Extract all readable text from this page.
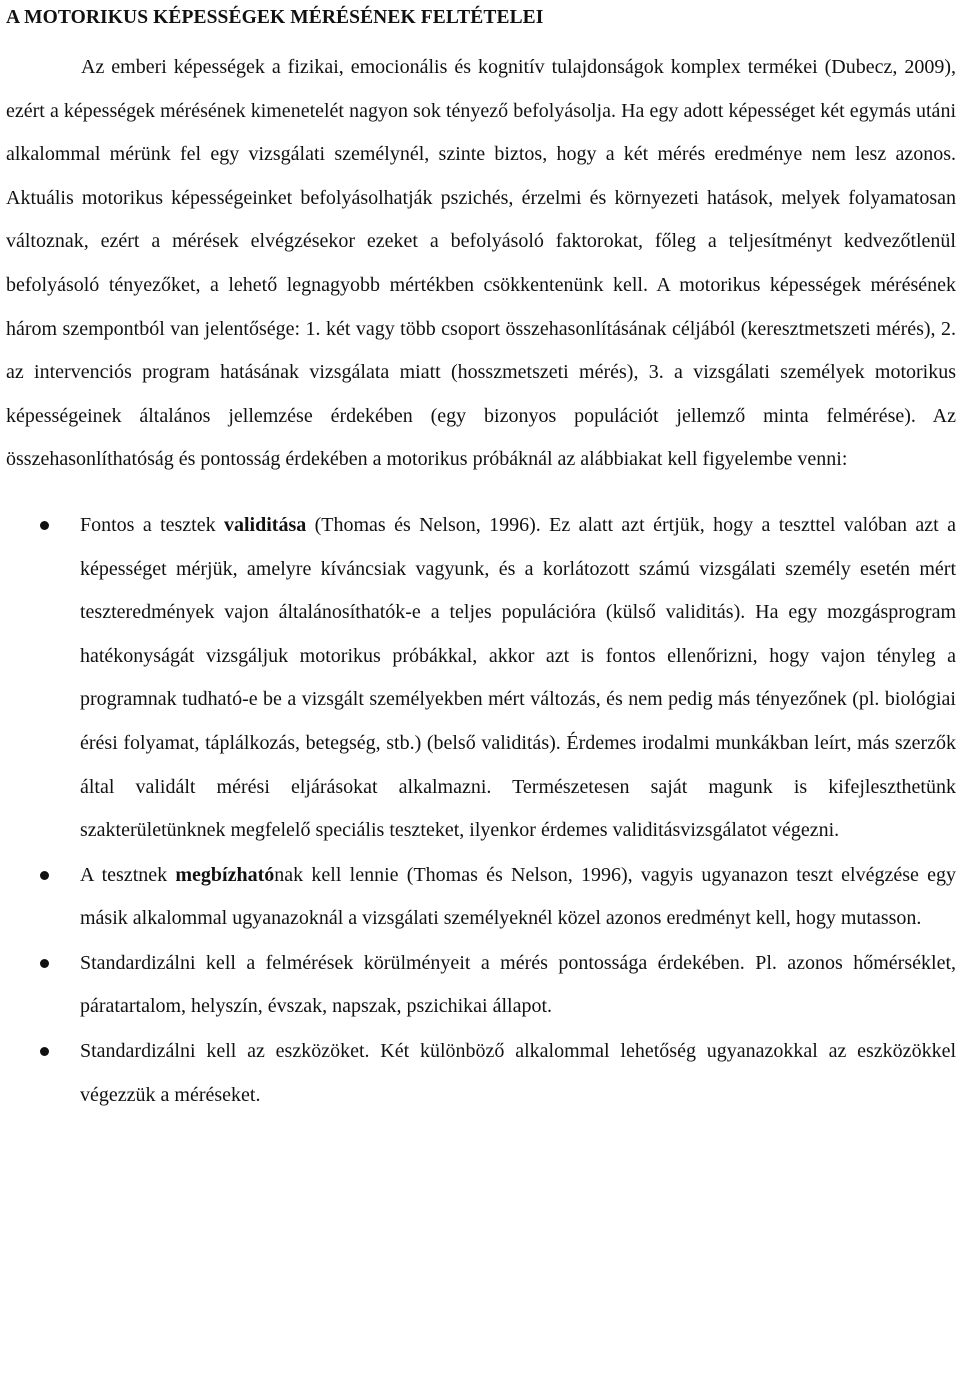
A MOTORIKUS KÉPESSÉGEK MÉRÉSÉNEK FELTÉTELEI

Az emberi képességek a fizikai, emocionális és kognitív tulajdonságok komplex termékei (Dubecz, 2009), ezért a képességek mérésének kimenetelét nagyon sok tényező befolyásolja. Ha egy adott képességet két egymás utáni alkalommal mérünk fel egy vizsgálati személynél, szinte biztos, hogy a két mérés eredménye nem lesz azonos. Aktuális motorikus képességeinket befolyásolhatják pszichés, érzelmi és környezeti hatások, melyek folyamatosan változnak, ezért a mérések elvégzésekor ezeket a befolyásoló faktorokat, főleg a teljesítményt kedvezőtlenül befolyásoló tényezőket, a lehető legnagyobb mértékben csökkentenünk kell. A motorikus képességek mérésének három szempontból van jelentősége: 1. két vagy több csoport összehasonlításának céljából (keresztmetszeti mérés), 2. az intervenciós program hatásának vizsgálata miatt (hosszmetszeti mérés), 3. a vizsgálati személyek motorikus képességeinek általános jellemzése érdekében (egy bizonyos populációt jellemző minta felmérése). Az összehasonlíthatóság és pontosság érdekében a motorikus próbáknál az alábbiakat kell figyelembe venni:

Fontos a tesztek validitása (Thomas és Nelson, 1996). Ez alatt azt értjük, hogy a teszttel valóban azt a képességet mérjük, amelyre kíváncsiak vagyunk, és a korlátozott számú vizsgálati személy esetén mért teszteredmények vajon általánosíthatók-e a teljes populációra (külső validitás). Ha egy mozgásprogram hatékonyságát vizsgáljuk motorikus próbákkal, akkor azt is fontos ellenőrizni, hogy vajon tényleg a programnak tudható-e be a vizsgált személyekben mért változás, és nem pedig más tényezőnek (pl. biológiai érési folyamat, táplálkozás, betegség, stb.) (belső validitás). Érdemes irodalmi munkákban leírt, más szerzők által validált mérési eljárásokat alkalmazni. Természetesen saját magunk is kifejleszthetünk szakterületünknek megfelelő speciális teszteket, ilyenkor érdemes validitásvizsgálatot végezni.
A tesztnek megbízhatónak kell lennie (Thomas és Nelson, 1996), vagyis ugyanazon teszt elvégzése egy másik alkalommal ugyanazoknál a vizsgálati személyeknél közel azonos eredményt kell, hogy mutasson.
Standardizálni kell a felmérések körülményeit a mérés pontossága érdekében. Pl. azonos hőmérséklet, páratartalom, helyszín, évszak, napszak, pszichikai állapot.
Standardizálni kell az eszközöket. Két különböző alkalommal lehetőség ugyanazokkal az eszközökkel végezzük a méréseket.
